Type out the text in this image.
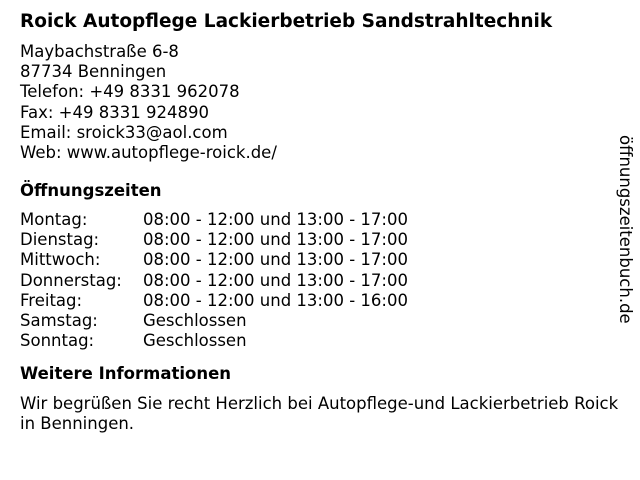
Roick Autopflege Lackierbetrieb Sandstrahltechnik
Maybachstraße 6-8
87734 Benningen
Telefon: +49 8331 962078
Fax: +49 8331 924890
Email: sroick33@aol.com
Web: www.autopflege-roick.de/
Öffnungszeiten
Montag:	08:00 - 12:00 und 13:00 - 17:00
Dienstag:	08:00 - 12:00 und 13:00 - 17:00
Mittwoch:	08:00 - 12:00 und 13:00 - 17:00
Donnerstag:	08:00 - 12:00 und 13:00 - 17:00
Freitag:	08:00 - 12:00 und 13:00 - 16:00
Samstag:	Geschlossen
Sonntag:	Geschlossen
Weitere Informationen

Wir begrüßen Sie recht Herzlich bei Autopflege-und Lackierbetrieb Roick in Benningen.

öffnungszeitenbuch.de
